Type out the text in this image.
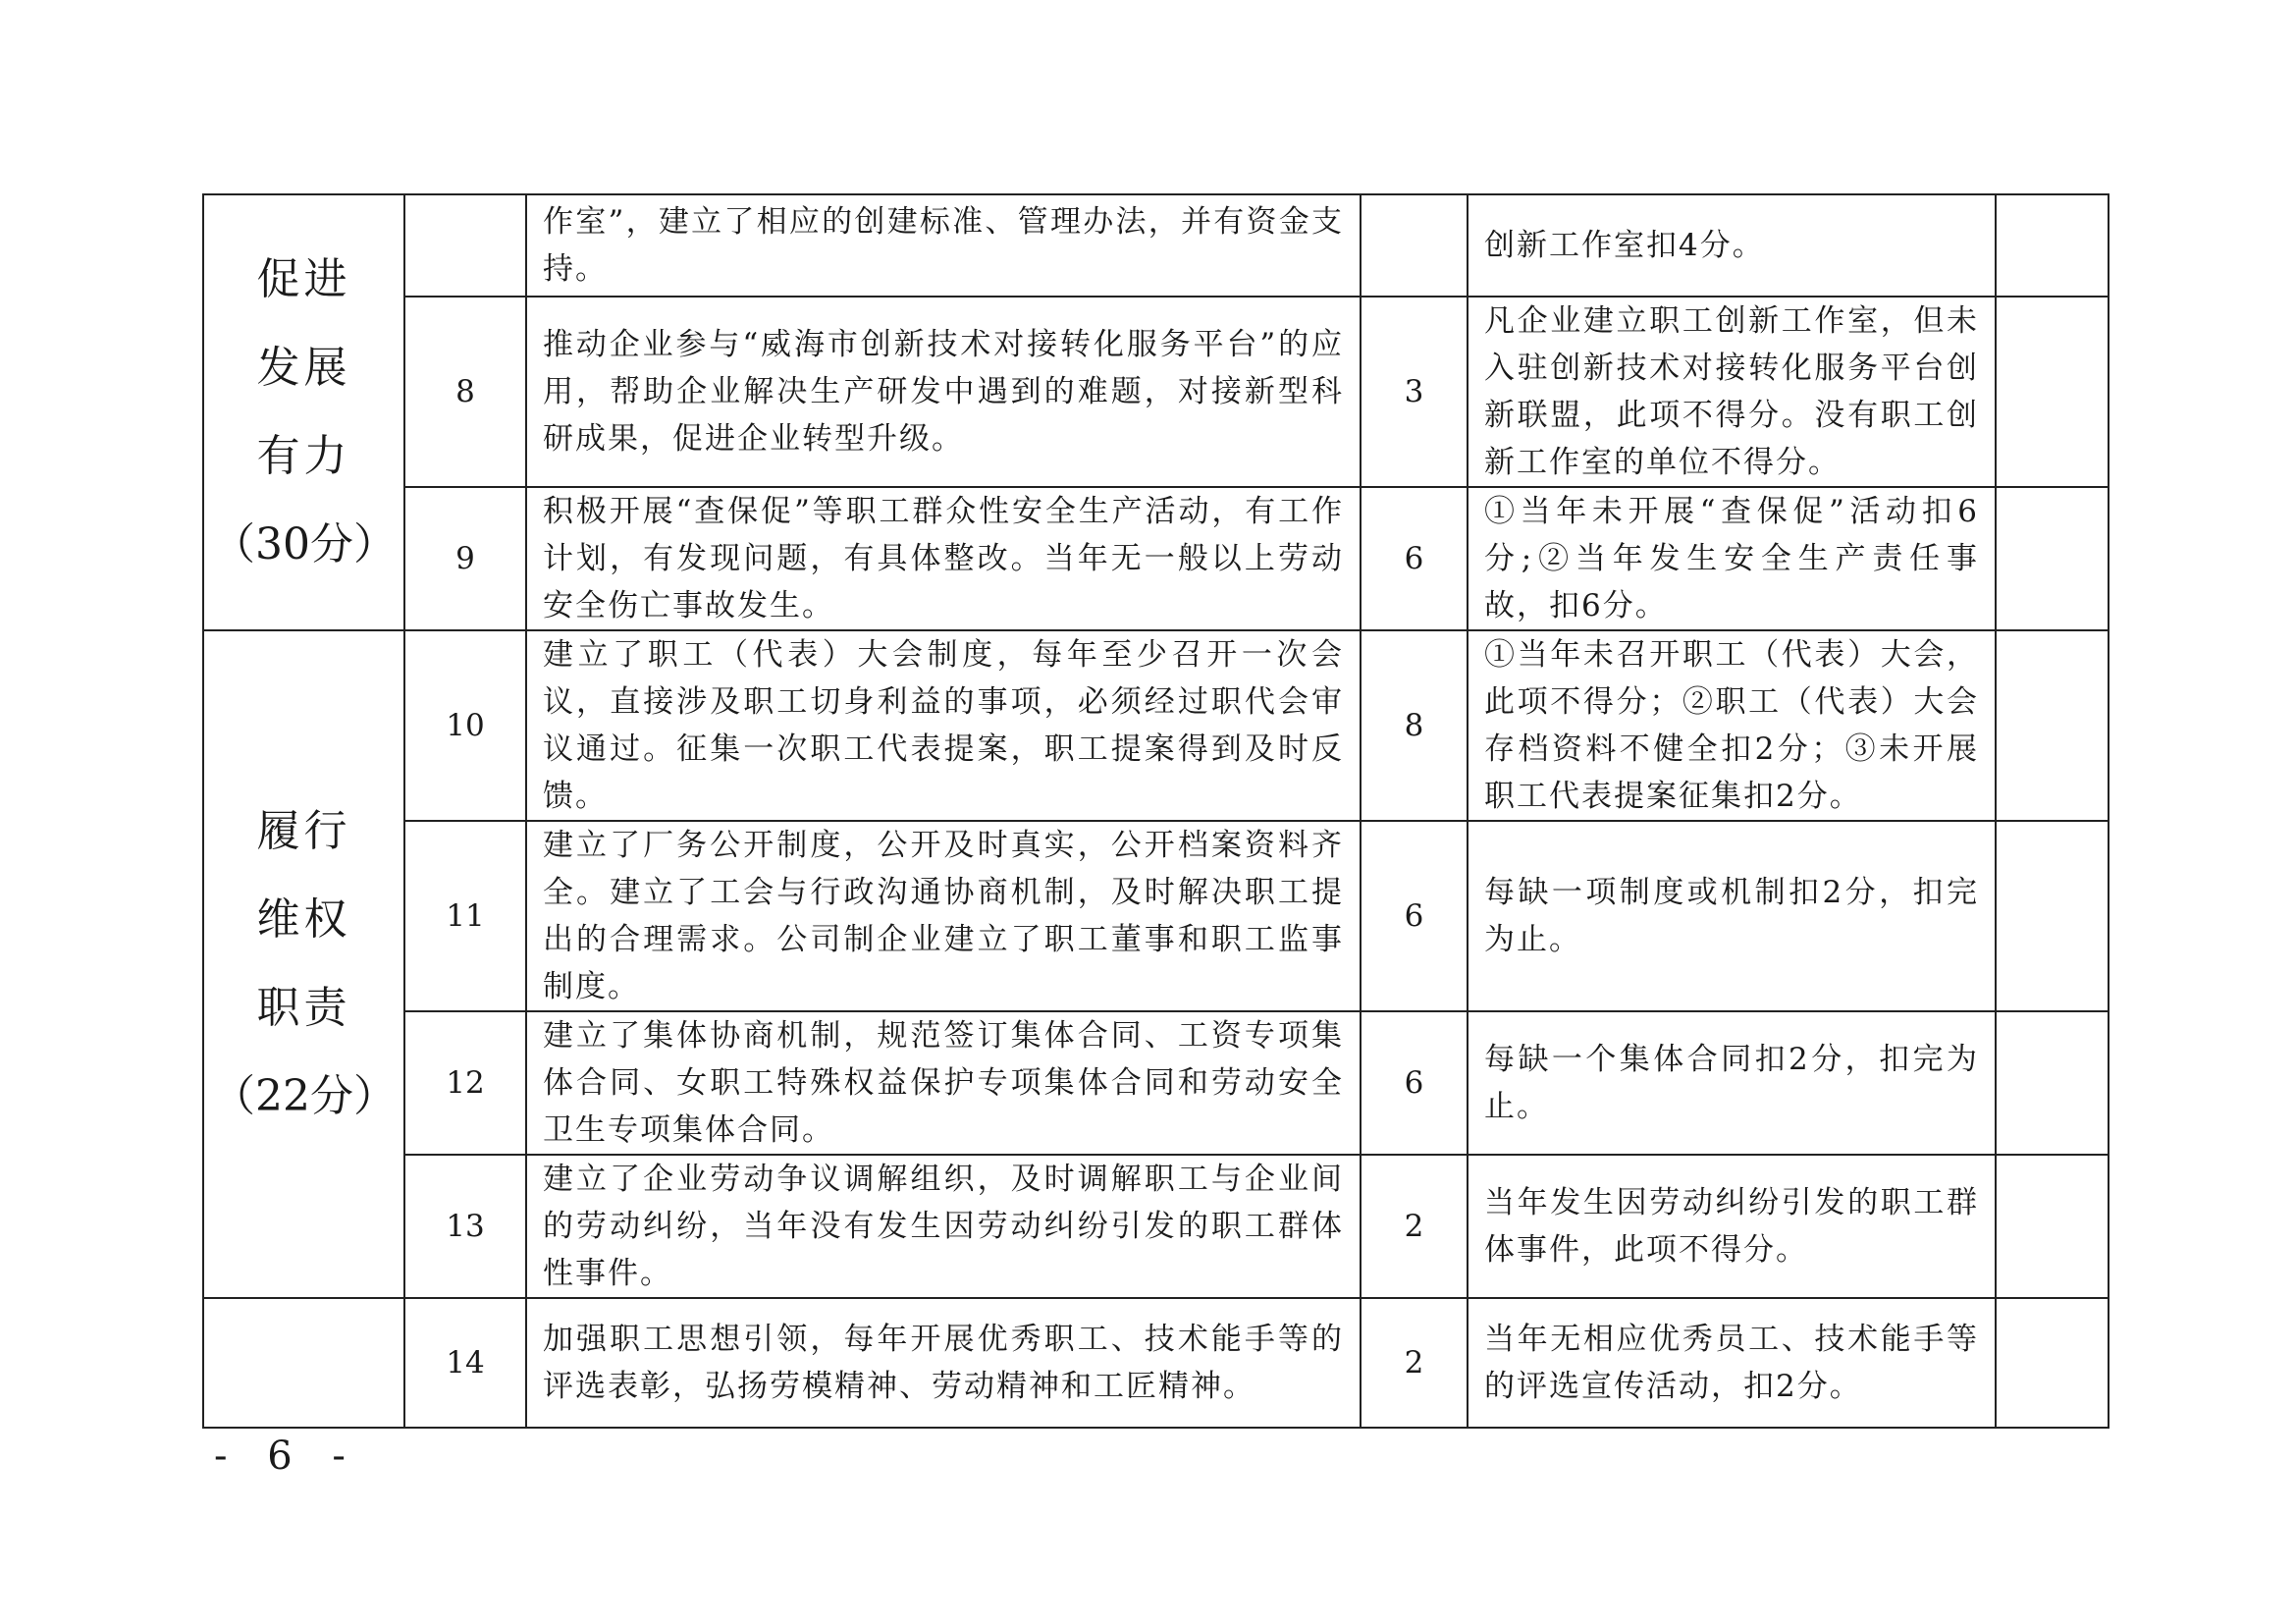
促进
发展
有力
（30分）		作室”，建立了相应的创建标准、管理办法，并有资金支持。		创新工作室扣4分。	
	8	推动企业参与“威海市创新技术对接转化服务平台”的应用，帮助企业解决生产研发中遇到的难题，对接新型科研成果，促进企业转型升级。	3	凡企业建立职工创新工作室，但未入驻创新技术对接转化服务平台创新联盟，此项不得分。没有职工创新工作室的单位不得分。	
	9	积极开展“查保促”等职工群众性安全生产活动，有工作计划，有发现问题，有具体整改。当年无一般以上劳动安全伤亡事故发生。	6	①当年未开展“查保促”活动扣6分;②当年发生安全生产责任事故，扣6分。	

履行
维权
职责
（22分）	10	建立了职工（代表）大会制度，每年至少召开一次会议，直接涉及职工切身利益的事项，必须经过职代会审议通过。征集一次职工代表提案，职工提案得到及时反馈。	8	①当年未召开职工（代表）大会，此项不得分；②职工（代表）大会存档资料不健全扣2分；③未开展职工代表提案征集扣2分。	
	11	建立了厂务公开制度，公开及时真实，公开档案资料齐全。建立了工会与行政沟通协商机制，及时解决职工提出的合理需求。公司制企业建立了职工董事和职工监事制度。	6	每缺一项制度或机制扣2分，扣完为止。	
	12	建立了集体协商机制，规范签订集体合同、工资专项集体合同、女职工特殊权益保护专项集体合同和劳动安全卫生专项集体合同。	6	每缺一个集体合同扣2分，扣完为止。	
	13	建立了企业劳动争议调解组织，及时调解职工与企业间的劳动纠纷，当年没有发生因劳动纠纷引发的职工群体性事件。	2	当年发生因劳动纠纷引发的职工群体事件，此项不得分。	
	14	加强职工思想引领，每年开展优秀职工、技术能手等的评选表彰，弘扬劳模精神、劳动精神和工匠精神。	2	当年无相应优秀员工、技术能手等的评选宣传活动，扣2分。	
- 6 -
